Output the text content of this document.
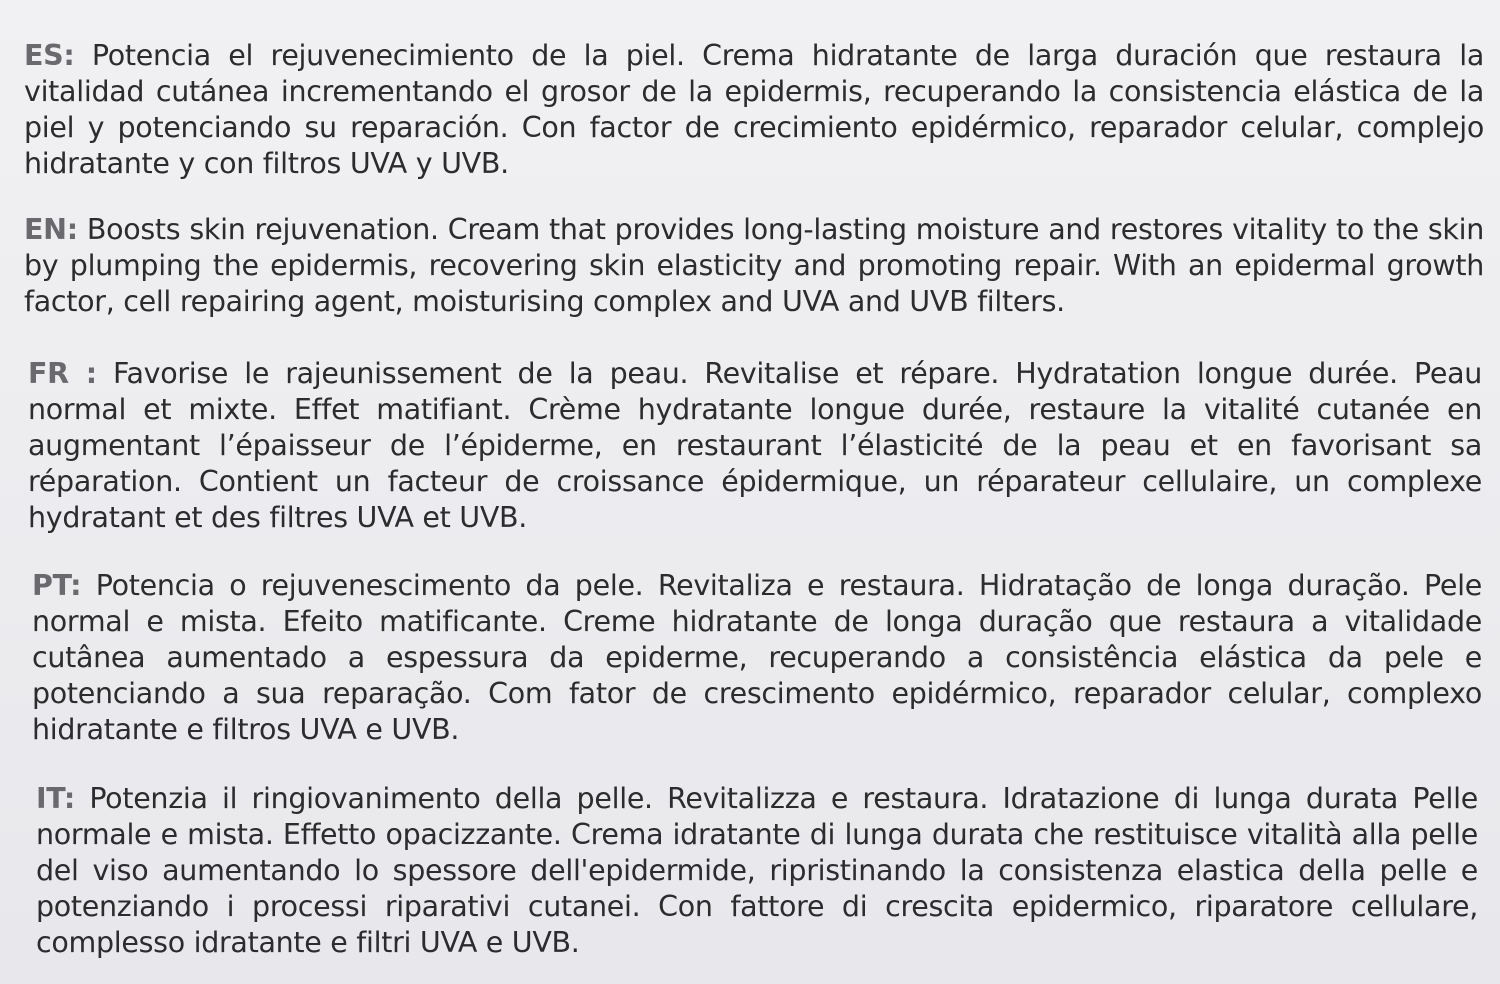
ES: Potencia el rejuvenecimiento de la piel. Crema hidratante de larga duración que restaura la vitalidad cutánea incrementando el grosor de la epidermis, recuperando la consistencia elástica de la piel y potenciando su reparación. Con factor de crecimiento epidérmico, reparador celular, complejo hidratante y con filtros UVA y UVB.

EN: Boosts skin rejuvenation. Cream that provides long-lasting moisture and restores vitality to the skin by plumping the epidermis, recovering skin elasticity and promoting repair. With an epidermal growth factor, cell repairing agent, moisturising complex and UVA and UVB filters.

FR : Favorise le rajeunissement de la peau. Revitalise et répare. Hydratation longue durée. Peau normal et mixte. Effet matifiant. Crème hydratante longue durée, restaure la vitalité cutanée en augmentant l’épaisseur de l’épiderme, en restaurant l’élasticité de la peau et en favorisant sa réparation. Contient un facteur de croissance épidermique, un réparateur cellulaire, un complexe hydratant et des filtres UVA et UVB.

PT: Potencia o rejuvenescimento da pele. Revitaliza e restaura. Hidratação de longa duração. Pele normal e mista. Efeito matificante. Creme hidratante de longa duração que restaura a vitalidade cutânea aumentado a espessura da epiderme, recuperando a consistência elástica da pele e potenciando a sua reparação. Com fator de crescimento epidérmico, reparador celular, complexo hidratante e filtros UVA e UVB.

IT: Potenzia il ringiovanimento della pelle. Revitalizza e restaura. Idratazione di lunga durata Pelle normale e mista. Effetto opacizzante. Crema idratante di lunga durata che restituisce vitalità alla pelle del viso aumentando lo spessore dell'epidermide, ripristinando la consistenza elastica della pelle e potenziando i processi riparativi cutanei. Con fattore di crescita epidermico, riparatore cellulare, complesso idratante e filtri UVA e UVB.
